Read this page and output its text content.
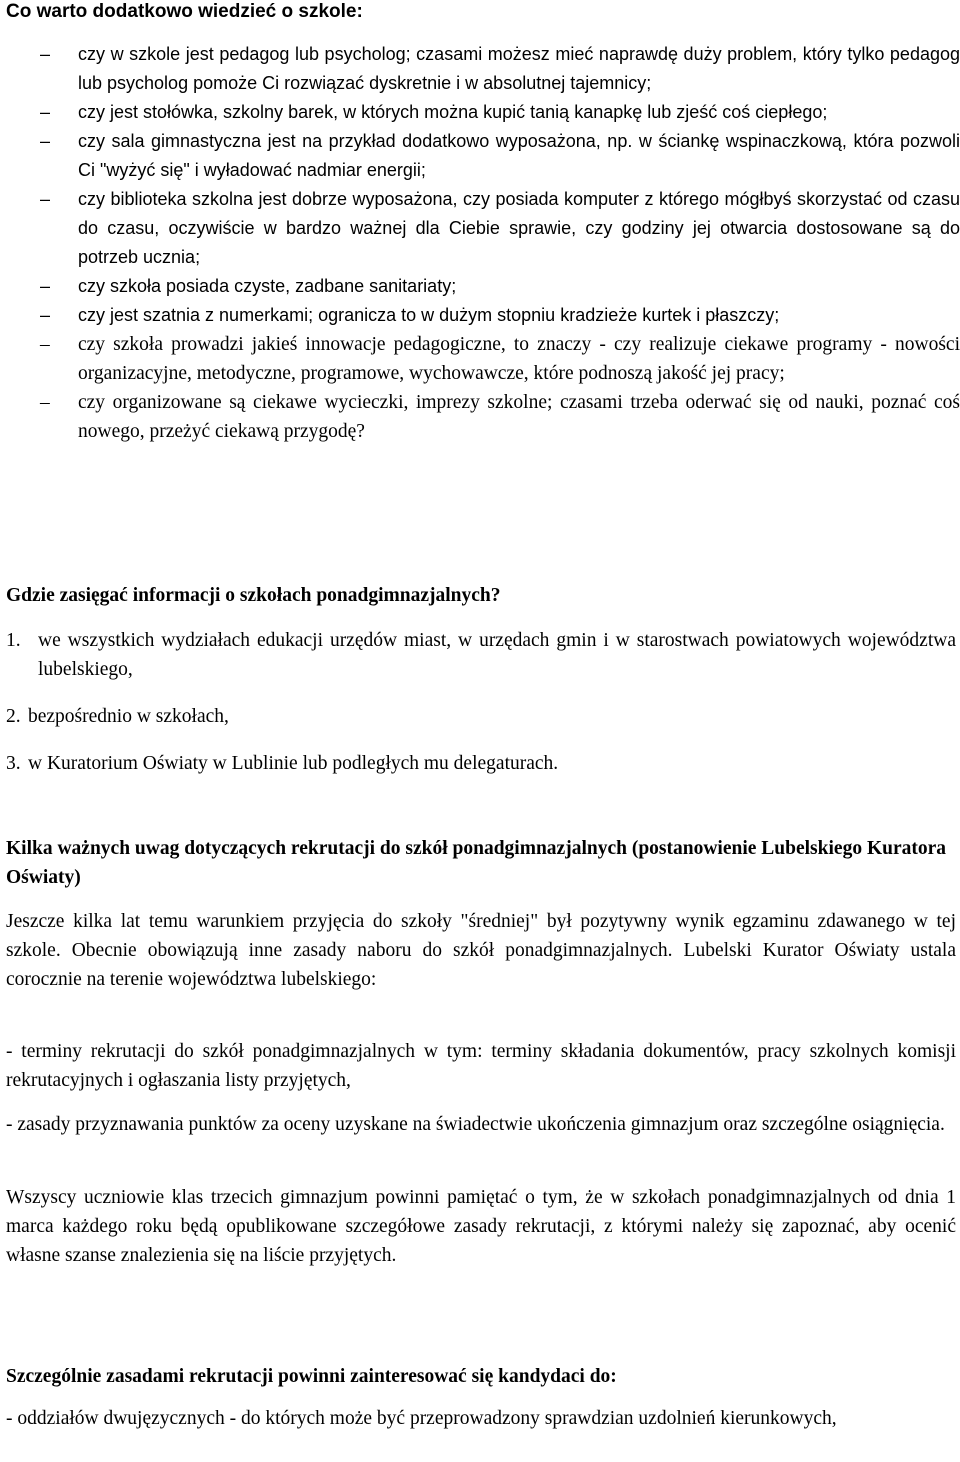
Co warto dodatkowo wiedzieć o szkole:
– czy w szkole jest pedagog lub psycholog; czasami możesz mieć naprawdę duży problem, który tylko pedagog lub psycholog pomoże Ci rozwiązać dyskretnie i w absolutnej tajemnicy;
– czy jest stołówka, szkolny barek, w których można kupić tanią kanapkę lub zjeść coś ciepłego;
– czy sala gimnastyczna jest na przykład dodatkowo wyposażona, np. w ściankę wspinaczkową, która pozwoli Ci "wyżyć się" i wyładować nadmiar energii;
– czy biblioteka szkolna jest dobrze wyposażona, czy posiada komputer z którego mógłbyś skorzystać od czasu do czasu, oczywiście w bardzo ważnej dla Ciebie sprawie, czy godziny jej otwarcia dostosowane są do potrzeb ucznia;
– czy szkoła posiada czyste, zadbane sanitariaty;
– czy jest szatnia z numerkami; ogranicza to w dużym stopniu kradzieże kurtek i płaszczy;
– czy szkoła prowadzi jakieś innowacje pedagogiczne, to znaczy - czy realizuje ciekawe programy - nowości organizacyjne, metodyczne, programowe, wychowawcze, które podnoszą jakość jej pracy;
– czy organizowane są ciekawe wycieczki, imprezy szkolne; czasami trzeba oderwać się od nauki, poznać coś nowego, przeżyć ciekawą przygodę?
Gdzie zasięgać informacji o szkołach ponadgimnazjalnych?
1. we wszystkich wydziałach edukacji urzędów miast, w urzędach gmin i w starostwach powiatowych województwa lubelskiego,
2. bezpośrednio w szkołach,
3. w Kuratorium Oświaty w Lublinie lub podległych mu delegaturach.
Kilka ważnych uwag dotyczących rekrutacji do szkół ponadgimnazjalnych (postanowienie Lubelskiego Kuratora Oświaty)

Jeszcze kilka lat temu warunkiem przyjęcia do szkoły "średniej" był pozytywny wynik egzaminu zdawanego w tej szkole. Obecnie obowiązują inne zasady naboru do szkół ponadgimnazjalnych. Lubelski Kurator Oświaty ustala corocznie na terenie województwa lubelskiego:

- terminy rekrutacji do szkół ponadgimnazjalnych w tym: terminy składania dokumentów, pracy szkolnych komisji rekrutacyjnych i ogłaszania listy przyjętych,

- zasady przyznawania punktów za oceny uzyskane na świadectwie ukończenia gimnazjum oraz szczególne osiągnięcia.

Wszyscy uczniowie klas trzecich gimnazjum powinni pamiętać o tym, że w szkołach ponadgimnazjalnych od dnia 1 marca każdego roku będą opublikowane szczegółowe zasady rekrutacji, z którymi należy się zapoznać, aby ocenić własne szanse znalezienia się na liście przyjętych.

Szczególnie zasadami rekrutacji powinni zainteresować się kandydaci do:

- oddziałów dwujęzycznych - do których może być przeprowadzony sprawdzian uzdolnień kierunkowych,
